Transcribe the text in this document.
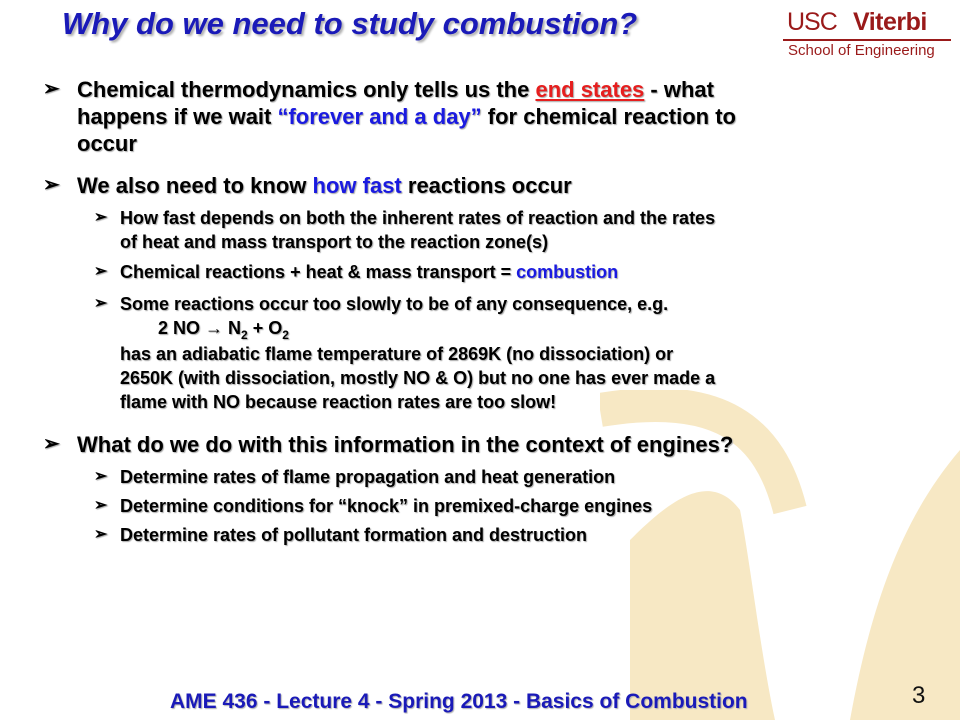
Why do we need to study combustion?	USC Viterbi
School of Engineering
➢ Chemical thermodynamics only tells us the end states - what
happens if we wait “forever and a day” for chemical reaction to
occur
➢ We also need to know how fast reactions occur
➢ How fast depends on both the inherent rates of reaction and the rates
of heat and mass transport to the reaction zone(s)
➢ Chemical reactions + heat & mass transport = combustion
➢ Some reactions occur too slowly to be of any consequence, e.g.
2 NO → $N_2 + O_2$
has an adiabatic flame temperature of 2869K (no dissociation) or
2650K (with dissociation, mostly NO & O) but no one has ever made a
flame with NO because reaction rates are too slow!
➢ What do we do with this information in the context of engines?
➢ Determine rates of flame propagation and heat generation
➢ Determine conditions for “knock” in premixed-charge engines
➢ Determine rates of pollutant formation and destruction
AME 436 - Lecture 4 - Spring 2013 - Basics of Combustion	3
